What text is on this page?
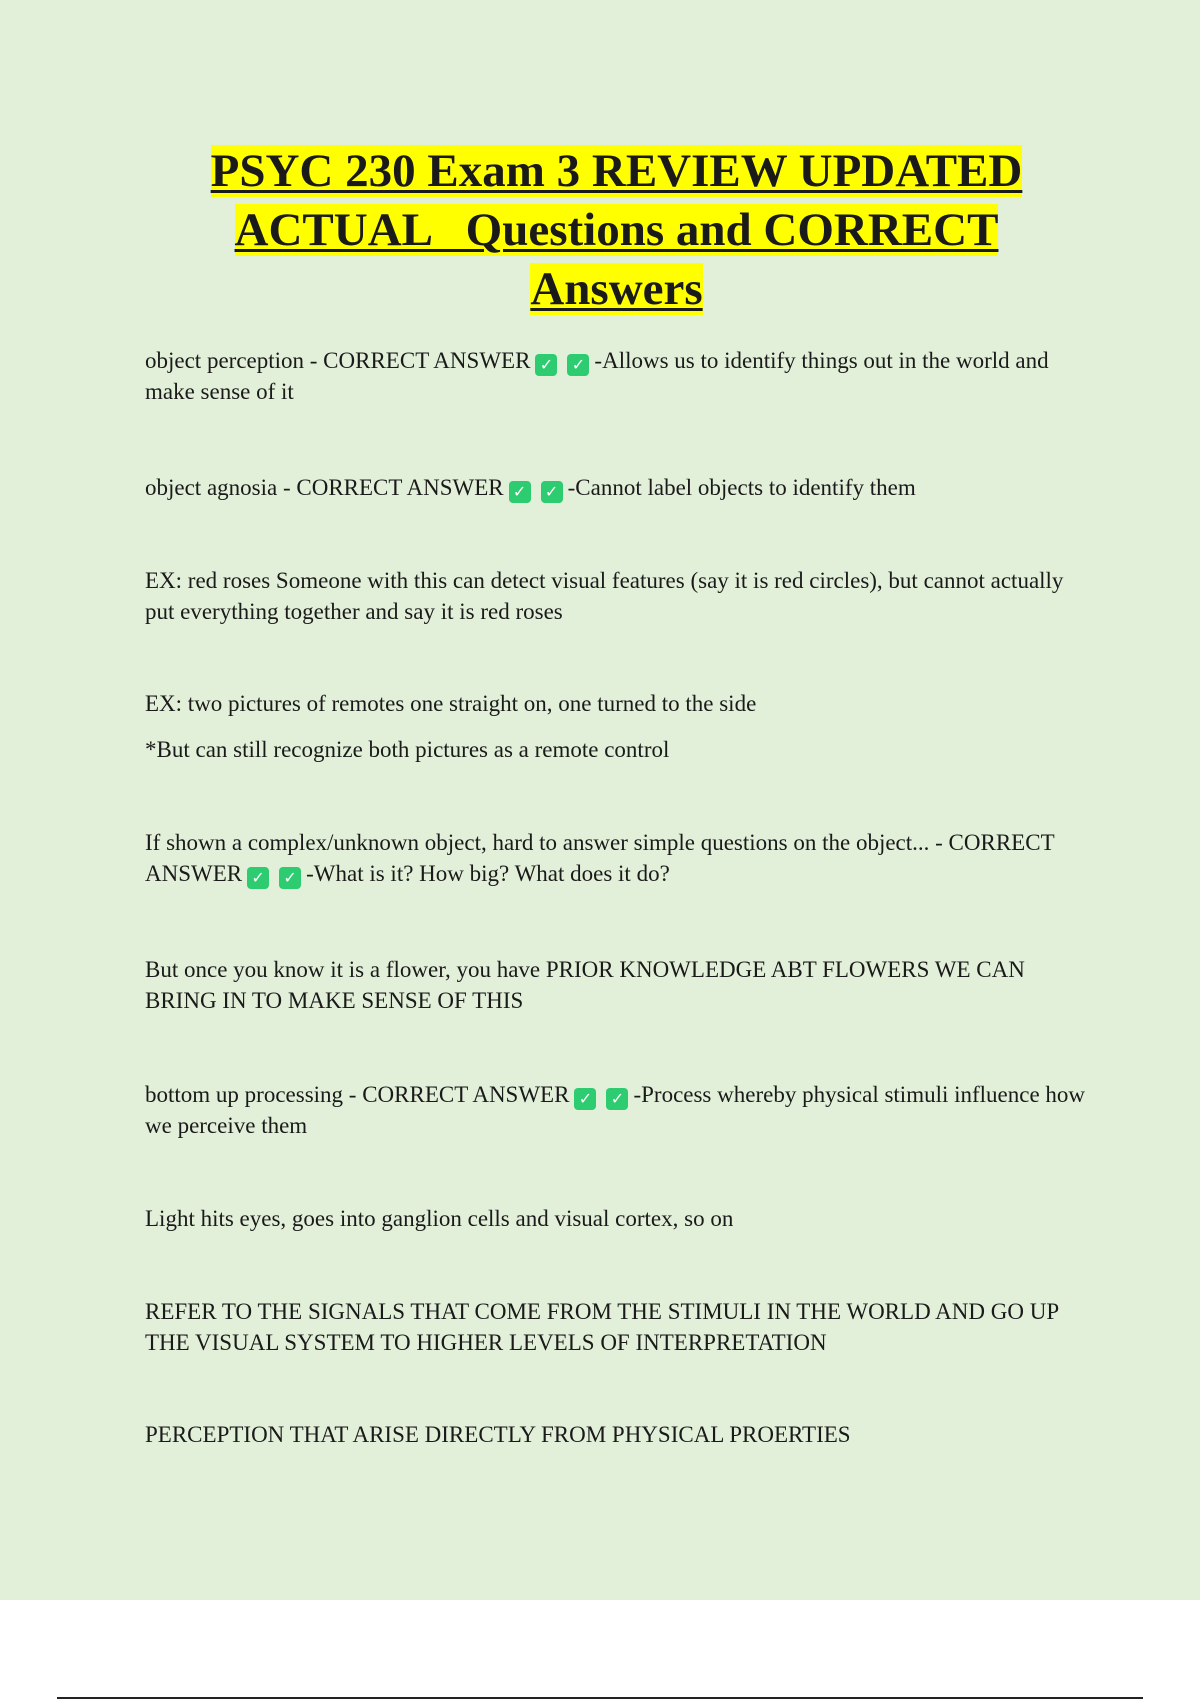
PSYC 230 Exam 3 REVIEW UPDATED
ACTUAL   Questions and CORRECT
Answers
object perception - CORRECT ANSWER ✓ ✓ -Allows us to identify things out in the world and make sense of it
object agnosia - CORRECT ANSWER ✓ ✓ -Cannot label objects to identify them
EX: red roses Someone with this can detect visual features (say it is red circles), but cannot actually put everything together and say it is red roses
EX: two pictures of remotes one straight on, one turned to the side
*But can still recognize both pictures as a remote control
If shown a complex/unknown object, hard to answer simple questions on the object... - CORRECT ANSWER ✓ ✓ -What is it? How big? What does it do?
But once you know it is a flower, you have PRIOR KNOWLEDGE ABT FLOWERS WE CAN BRING IN TO MAKE SENSE OF THIS
bottom up processing - CORRECT ANSWER ✓ ✓ -Process whereby physical stimuli influence how we perceive them
Light hits eyes, goes into ganglion cells and visual cortex, so on
REFER TO THE SIGNALS THAT COME FROM THE STIMULI IN THE WORLD AND GO UP THE VISUAL SYSTEM TO HIGHER LEVELS OF INTERPRETATION
PERCEPTION THAT ARISE DIRECTLY FROM PHYSICAL PROERTIES
